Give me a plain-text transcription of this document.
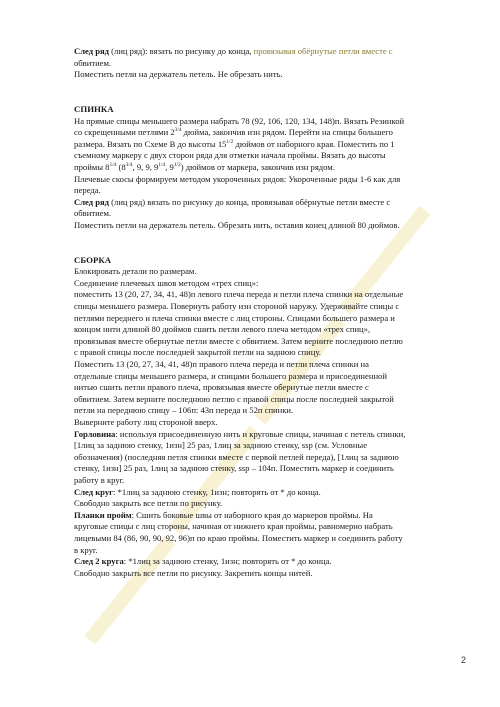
След ряд (лиц ряд): вязать по рисунку до конца, провязывая обёрнутые петли вместе с

обвитием.

Поместить петли на держатель петель. Не обрезать нить.

СПИНКА

На прямые спицы меньшего размера набрать 78 (92, 106, 120, 134, 148)п. Вязать Резинкой

со скрещенными петлями $2^{3/4}$ дюйма, закончив изн рядом. Перейти на спицы большего

размера. Вязать по Схеме В до высоты $15^{1/2}$ дюймов от наборного края. Поместить по 1

съемному маркеру с двух сторон ряда для отметки начала проймы. Вязать до высоты

проймы $8^{1/4}$ ($8^{3/4}$, 9, 9, $9^{1/4}$, $9^{1/2}$) дюймов от маркера, закончив изн рядом.

Плечевые скосы формируем методом укороченных рядов: Укороченные ряды 1-6 как для

переда.

След ряд (лиц ряд) вязать по рисунку до конца, провязывая обёрнутые петли вместе с

обвитием.

Поместить петли на держатель петель. Обрезать нить, оставив конец длиной 80 дюймов.

СБОРКА

Блокировать детали по размерам.

Соединение плечевых швов методом «трех спиц»:

поместить 13 (20, 27, 34, 41, 48)п левого плеча переда и петли плеча спинки на отдельные

спицы меньшего размера. Повернуть работу изн стороной наружу. Удерживайте спицы с

петлями переднего и плеча спинки вместе с лиц стороны. Спицами большего размера и

концом нити длиной 80 дюймов сшить петли левого плеча методом «трех спиц»,

провязывая вместе обернутые петли вместе с обвитием. Затем верните последнюю петлю

с правой спицы после последней закрытой петли на заднюю спицу.

Поместить 13 (20, 27, 34, 41, 48)п правого плеча переда и петли плеча спинки на

отдельные спицы меньшего размера, и спицами большего размера и присоединенной

нитью сшить петли правого плеча, провязывая вместе обернутые петли вместе с

обвитием. Затем верните последнюю петлю с правой спицы после последней закрытой

петли на переднюю спицу – 106п: 43п переда и 52п спинки.

Выверните работу лиц стороной вверх.

Горловина: используя присоединенную нить и круговые спицы, начиная с петель спинки,

[1лиц за заднюю стенку, 1изн] 25 раз, 1лиц за заднюю стенку, ssp (см. Условные

обозначения) (последняя петля спинки вместе с первой петлей переда), [1лиц за заднюю

стенку, 1изн] 25 раз, 1лиц за заднюю стенку, ssp – 104п. Поместить маркер и соединить

работу в круг.

След круг: *1лиц за заднюю стенку, 1изн; повторять от * до конца.

Свободно закрыть все петли по рисунку.

Планки пройм: Сшить боковые швы от наборного края до маркеров проймы. На

круговые спицы с лиц стороны, начиная от нижнего края проймы, равномерно набрать

лицевыми 84 (86, 90, 90, 92, 96)п по краю проймы. Поместить маркер и соединить работу

в круг.

След 2 круга: *1лиц за заднюю стенку, 1изн; повторять от * до конца.

Свободно закрыть все петли по рисунку. Закрепить концы нитей.

2
